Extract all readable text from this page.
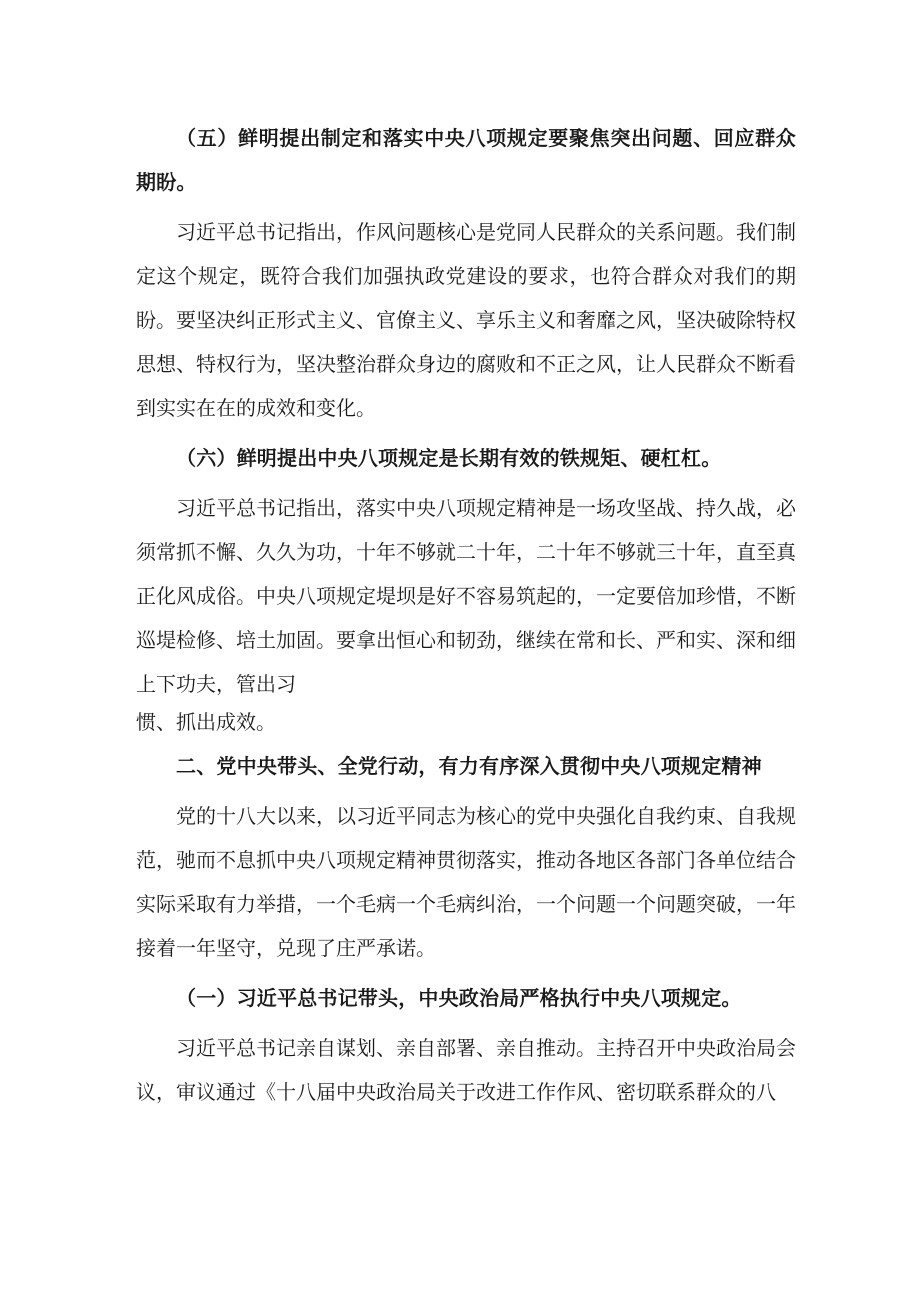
（五）鲜明提出制定和落实中央八项规定要聚焦突出问题、回应群众期盼。

习近平总书记指出，作风问题核心是党同人民群众的关系问题。我们制定这个规定，既符合我们加强执政党建设的要求，也符合群众对我们的期盼。要坚决纠正形式主义、官僚主义、享乐主义和奢靡之风，坚决破除特权思想、特权行为，坚决整治群众身边的腐败和不正之风，让人民群众不断看到实实在在的成效和变化。

（六）鲜明提出中央八项规定是长期有效的铁规矩、硬杠杠。

习近平总书记指出，落实中央八项规定精神是一场攻坚战、持久战，必须常抓不懈、久久为功，十年不够就二十年，二十年不够就三十年，直至真正化风成俗。中央八项规定堤坝是好不容易筑起的，一定要倍加珍惜，不断巡堤检修、培土加固。要拿出恒心和韧劲，继续在常和长、严和实、深和细上下功夫，管出习
惯、抓出成效。

二、党中央带头、全党行动，有力有序深入贯彻中央八项规定精神

党的十八大以来，以习近平同志为核心的党中央强化自我约束、自我规范，驰而不息抓中央八项规定精神贯彻落实，推动各地区各部门各单位结合实际采取有力举措，一个毛病一个毛病纠治，一个问题一个问题突破，一年接着一年坚守，兑现了庄严承诺。

（一）习近平总书记带头，中央政治局严格执行中央八项规定。

习近平总书记亲自谋划、亲自部署、亲自推动。主持召开中央政治局会议，审议通过《十八届中央政治局关于改进工作作风、密切联系群众的八
